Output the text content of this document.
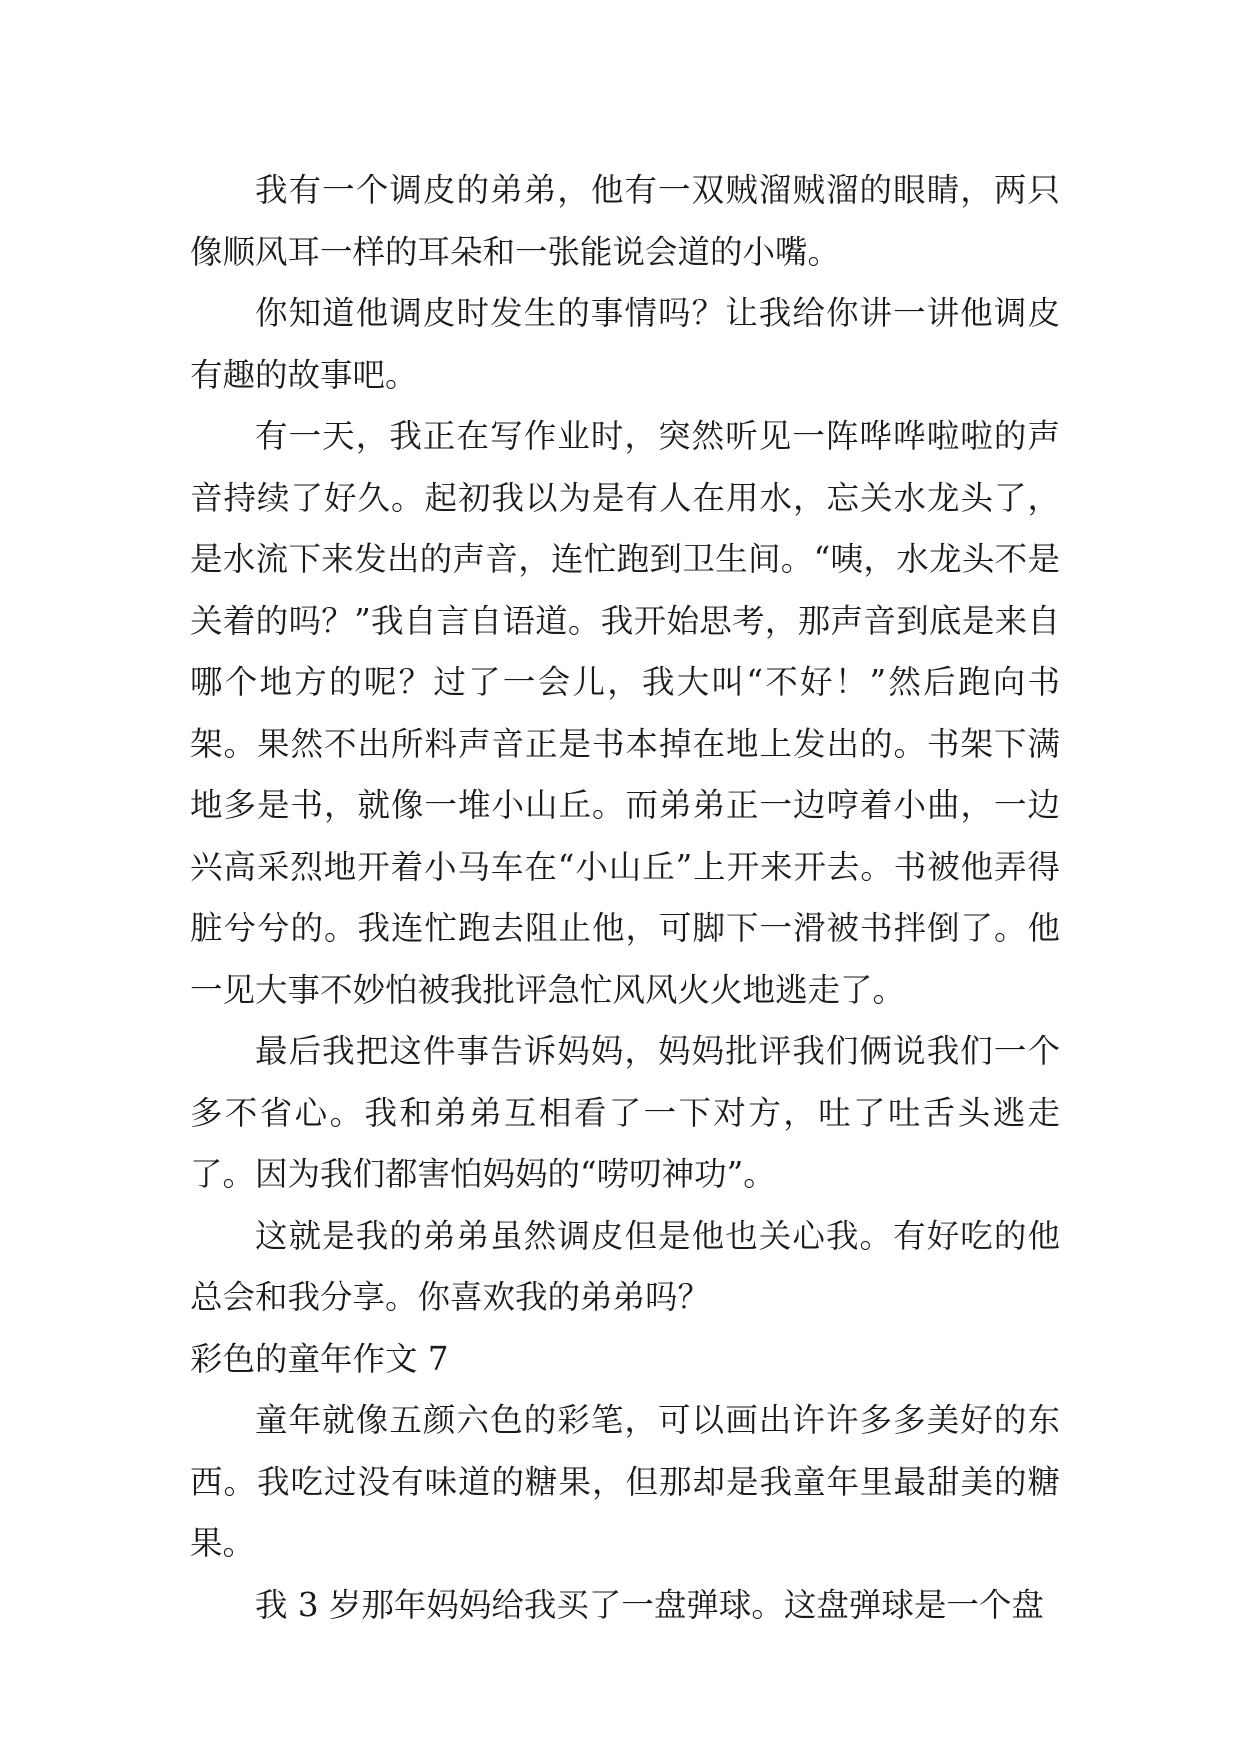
我有一个调皮的弟弟，他有一双贼溜贼溜的眼睛，两只像顺风耳一样的耳朵和一张能说会道的小嘴。

你知道他调皮时发生的事情吗？让我给你讲一讲他调皮有趣的故事吧。

有一天，我正在写作业时，突然听见一阵哗哗啦啦的声音持续了好久。起初我以为是有人在用水，忘关水龙头了，是水流下来发出的声音，连忙跑到卫生间。“咦，水龙头不是关着的吗？”我自言自语道。我开始思考，那声音到底是来自哪个地方的呢？过了一会儿，我大叫“不好！”然后跑向书架。果然不出所料声音正是书本掉在地上发出的。书架下满地多是书，就像一堆小山丘。而弟弟正一边哼着小曲，一边兴高采烈地开着小马车在“小山丘”上开来开去。书被他弄得脏兮兮的。我连忙跑去阻止他，可脚下一滑被书拌倒了。他一见大事不妙怕被我批评急忙风风火火地逃走了。

最后我把这件事告诉妈妈，妈妈批评我们俩说我们一个多不省心。我和弟弟互相看了一下对方，吐了吐舌头逃走了。因为我们都害怕妈妈的“唠叨神功”。

这就是我的弟弟虽然调皮但是他也关心我。有好吃的他总会和我分享。你喜欢我的弟弟吗？

彩色的童年作文 7

童年就像五颜六色的彩笔，可以画出许许多多美好的东西。我吃过没有味道的糖果，但那却是我童年里最甜美的糖果。

我 3 岁那年妈妈给我买了一盘弹球。这盘弹球是一个盘
